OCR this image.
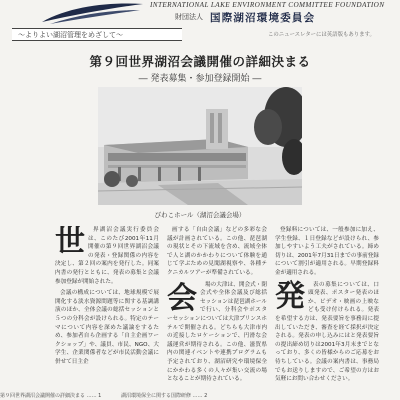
INTERNATIONAL LAKE ENVIRONMENT COMMITTEE FOUNDATION
財団法人 国際湖沼環境委員会
～よりよい湖沼管理をめざして～	このニュースレターには英語版もあります。
第９回世界湖沼会議開催の詳細決まる
― 発表募集・参加登録開始 ―
びわこホール（湖沼会議会場）
世	界湖沼会議実行委員会は、このたび2001年11月開催の第９回世界湖沼会議の発表・登録関係の内容を決定し、第２回の案内を発行した。同案内書の発行とともに、発表の募集と会議参加登録が開始された。

会議の構成については、地球規模で展開化する淡水資源問題等に関する基調講演のほか、全体会議の総括セッションと５つの分科会が設けられる。特定のテーマについて内容を深めた議論をするため、参加者自ら企画する「自主企画ワークショップ」や、議員、市民、NGO、大学生、企業関係者などが市民活動会議に併せて日主企

画する「自由会議」などの多彩な会議が計画されている。この他、琵琶湖の現状とその下流域を含め、流域全体で人と湖のかかわりについて体験を通じて学ぶための見聞湖視察や、各種テクニカルツアーが準備されている。

会	場の大津は、開会式・閉会式や全体会議及び総括セッションは琵琶湖ホールで行い、分科会やポスターセッションについては大津プリンスホテルで開催される。どちらも大津市内の近接したロケーションで、円滑な会議運営が期待される。この他、滋賀県内の関連イベントや連携プログラムも予定されており、湖沼研究や環境保全にかかわる多くの人々が集い交流の場となることが期待されている。

登録料については、一般参加に加え、学生登録、１日登録などが設けられ、参加しやすいよう工夫がされている。締め切りは、2001年7月31日までの事前登録について割引が適用される。早期登録料金が適用される。

発	表の募集については、口頭発表、ポスター発表のほか、ビデオ・映画の上映なども受け付けられる。発表を希望する方は、発表要旨を事務局に提出していただき、審査を経て採択が決定される。発表の申し込みにはと発表要旨の提出締め切りは2001年3月末までとなっており、多くの皆様からのご応募をお待ちしている。会議の案内書は、事務局でもお送りしますので、ご希望の方はお気軽にお問い合わせください。

第９回世界湖沼会議開催の詳細決まる …… 1	湖沼環境保全に関する国際研修 …… 2
